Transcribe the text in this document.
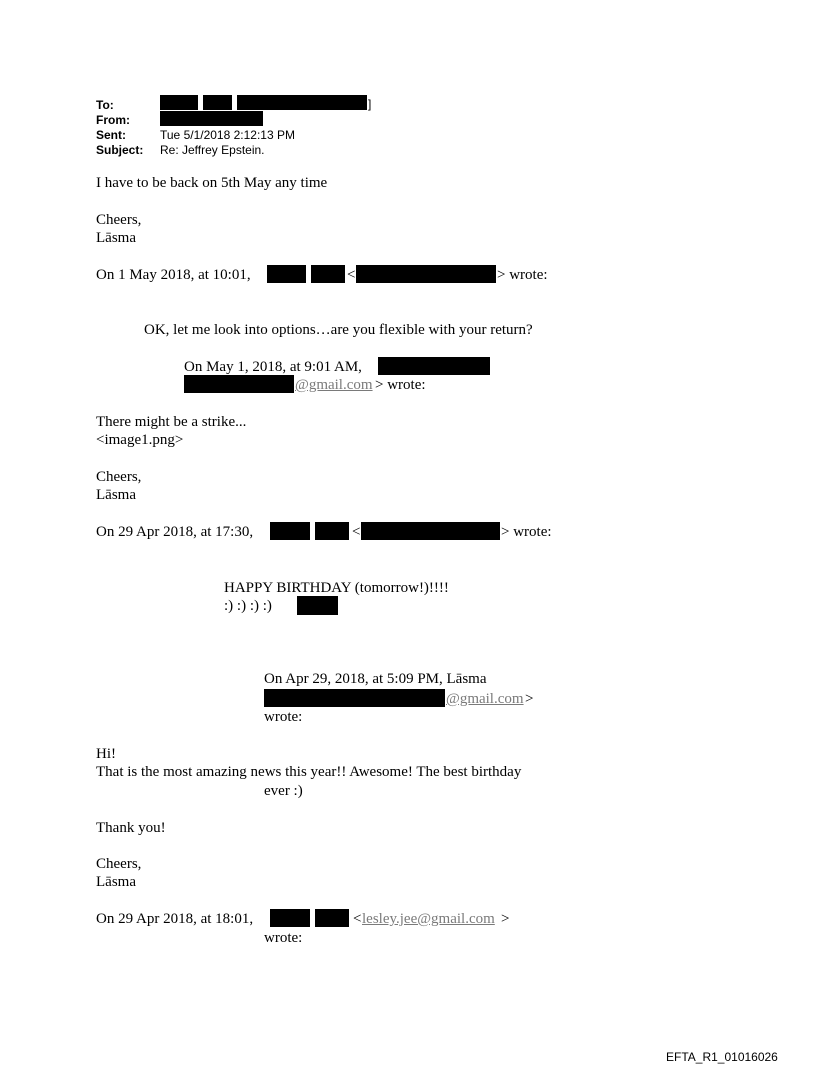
To:	]
From:
Sent:	Tue 5/1/2018 2:12:13 PM
Subject: Re: Jeffrey Epstein.
I have to be back on 5th May any time
Cheers,
Lāsma
On 1 May 2018, at 10:01,	<	> wrote:
OK, let me look into options…are you flexible with your return?
On May 1, 2018, at 9:01 AM,
@gmail.com > wrote:
There might be a strike...
<image1.png>
Cheers,
Lāsma
On 29 Apr 2018, at 17:30,	<	> wrote:
HAPPY BIRTHDAY (tomorrow!)!!!!
:) :) :) :)
On Apr 29, 2018, at 5:09 PM, Lāsma
@gmail.com >
wrote:
Hi!
That is the most amazing news this year!! Awesome! The best birthday
ever :)
Thank you!
Cheers,
Lāsma
On 29 Apr 2018, at 18:01,	< lesley.jee@gmail.com >
wrote:
EFTA_R1_01016026
